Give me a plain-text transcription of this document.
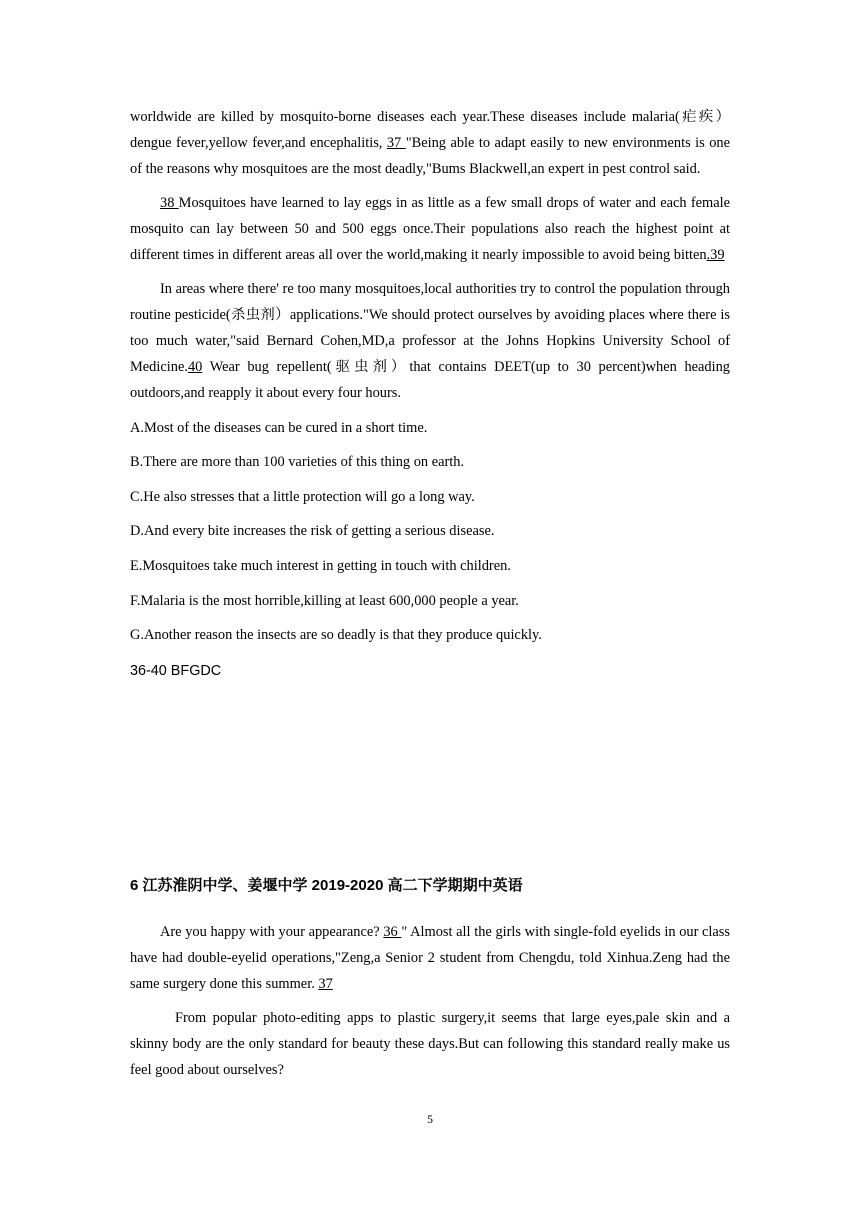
worldwide are killed by mosquito-borne diseases each year.These diseases include malaria(疟疾）dengue fever,yellow fever,and encephalitis, 37 "Being able to adapt easily to new environments is one of the reasons why mosquitoes are the most deadly,"Bums Blackwell,an expert in pest control said.

38 Mosquitoes have learned to lay eggs in as little as a few small drops of water and each female mosquito can lay between 50 and 500 eggs once.Their populations also reach the highest point at different times in different areas all over the world,making it nearly impossible to avoid being bitten.39

In areas where there' re too many mosquitoes,local authorities try to control the population through routine pesticide(杀虫剂）applications."We should protect ourselves by avoiding places where there is too much water,"said Bernard Cohen,MD,a professor at the Johns Hopkins University School of Medicine.40 Wear bug repellent(驱虫剂）that contains DEET(up to 30 percent)when heading outdoors,and reapply it about every four hours.

A.Most of the diseases can be cured in a short time.

B.There are more than 100 varieties of this thing on earth.

C.He also stresses that a little protection will go a long way.

D.And every bite increases the risk of getting a serious disease.

E.Mosquitoes take much interest in getting in touch with children.

F.Malaria is the most horrible,killing at least 600,000 people a year.

G.Another reason the insects are so deadly is that they produce quickly.

36-40 BFGDC
6 江苏淮阴中学、姜堰中学 2019-2020 高二下学期期中英语

Are you happy with your appearance? 36 " Almost all the girls with single-fold eyelids in our class have had double-eyelid operations,"Zeng,a Senior 2 student from Chengdu, told Xinhua.Zeng had the same surgery done this summer. 37

From popular photo-editing apps to plastic surgery,it seems that large eyes,pale skin and a skinny body are the only standard for beauty these days.But can following this standard really make us feel good about ourselves?

5
